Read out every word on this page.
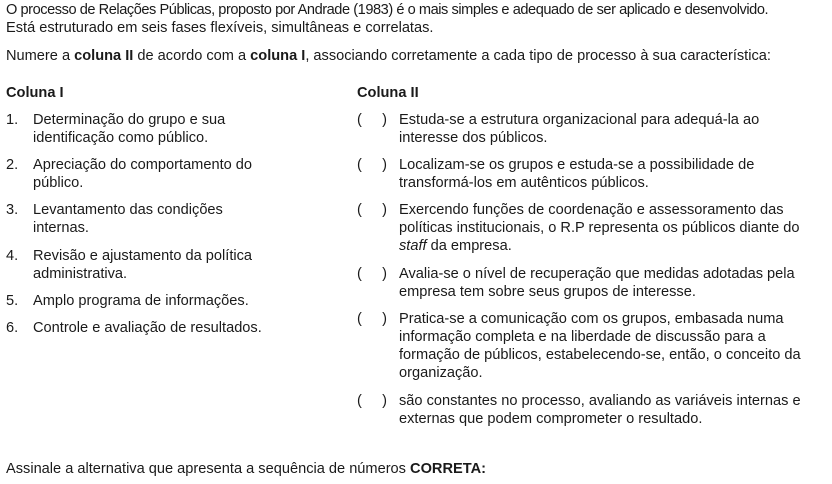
O processo de Relações Públicas, proposto por Andrade (1983) é o mais simples e adequado de ser aplicado e desenvolvido.
Está estruturado em seis fases flexíveis, simultâneas e correlatas.
Numere a coluna II de acordo com a coluna I, associando corretamente a cada tipo de processo à sua característica:
Coluna I	Coluna II
1. Determinação do grupo e sua identificação como público.
2. Apreciação do comportamento do público.
3. Levantamento das condições internas.
4. Revisão e ajustamento da política administrativa.
5. Amplo programa de informações.
6. Controle e avaliação de resultados.
(     ) Estuda-se a estrutura organizacional para adequá-la ao interesse dos públicos.
(     ) Localizam-se os grupos e estuda-se a possibilidade de transformá-los em autênticos públicos.
(     ) Exercendo funções de coordenação e assessoramento das políticas institucionais, o R.P representa os públicos diante do staff da empresa.
(     ) Avalia-se o nível de recuperação que medidas adotadas pela empresa tem sobre seus grupos de interesse.
(     ) Pratica-se a comunicação com os grupos, embasada numa informação completa e na liberdade de discussão para a formação de públicos, estabelecendo-se, então, o conceito da organização.
(     ) são constantes no processo, avaliando as variáveis internas e externas que podem comprometer o resultado.
Assinale a alternativa que apresenta a sequência de números CORRETA:
